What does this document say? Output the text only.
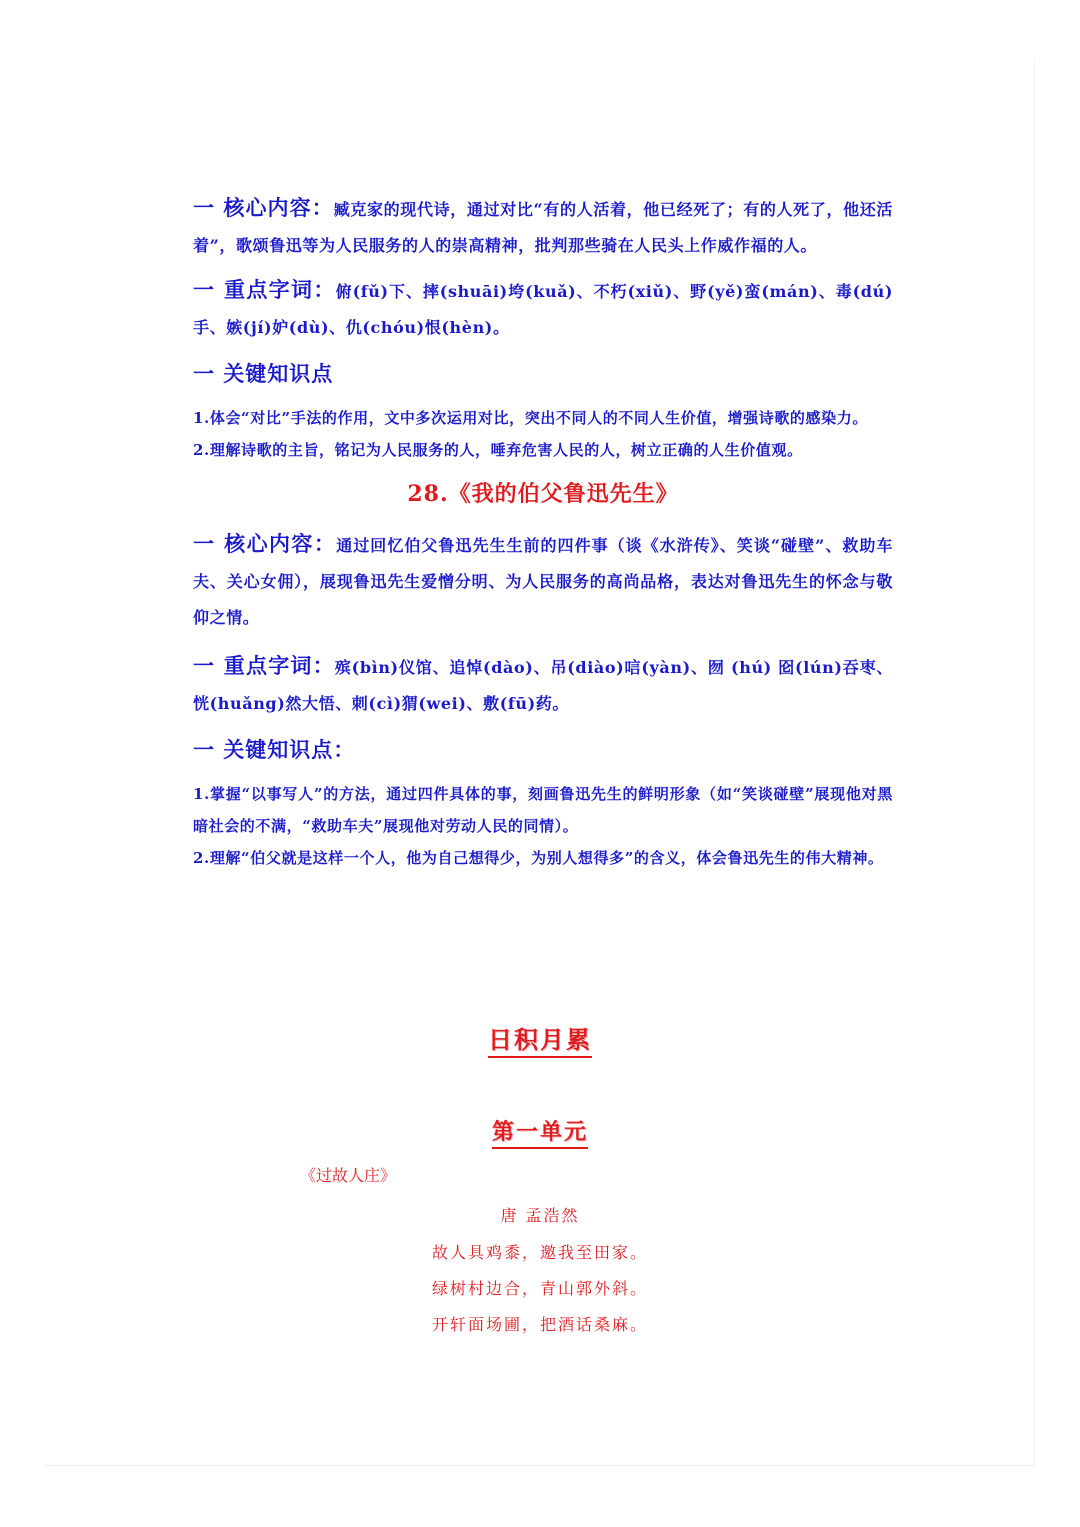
一 核心内容：臧克家的现代诗，通过对比“有的人活着，他已经死了；有的人死了，他还活着”，歌颂鲁迅等为人民服务的人的崇高精神，批判那些骑在人民头上作威作福的人。

一 重点字词：俯(fǔ)下、摔(shuāi)垮(kuǎ)、不朽(xiǔ)、野(yě)蛮(mán)、毒(dú)手、嫉(jí)妒(dù)、仇(chóu)恨(hèn)。

一 关键知识点

1.体会“对比”手法的作用，文中多次运用对比，突出不同人的不同人生价值，增强诗歌的感染力。

2.理解诗歌的主旨，铭记为人民服务的人，唾弃危害人民的人，树立正确的人生价值观。

28.《我的伯父鲁迅先生》

一 核心内容：通过回忆伯父鲁迅先生生前的四件事（谈《水浒传》、笑谈“碰壁”、救助车夫、关心女佣），展现鲁迅先生爱憎分明、为人民服务的高尚品格，表达对鲁迅先生的怀念与敬仰之情。

一 重点字词：殡(bìn)仪馆、追悼(dào)、吊(diào)唁(yàn)、囫 (hú) 囵(lún)吞枣、恍(huǎng)然大悟、刺(cì)猬(wei)、敷(fū)药。

一 关键知识点：

1.掌握“以事写人”的方法，通过四件具体的事，刻画鲁迅先生的鲜明形象（如“笑谈碰壁”展现他对黑暗社会的不满，“救助车夫”展现他对劳动人民的同情）。

2.理解“伯父就是这样一个人，他为自己想得少，为别人想得多”的含义，体会鲁迅先生的伟大精神。

日积月累
第一单元
《过故人庄》
唐 孟浩然
故人具鸡黍，邀我至田家。
绿树村边合，青山郭外斜。
开轩面场圃，把酒话桑麻。
